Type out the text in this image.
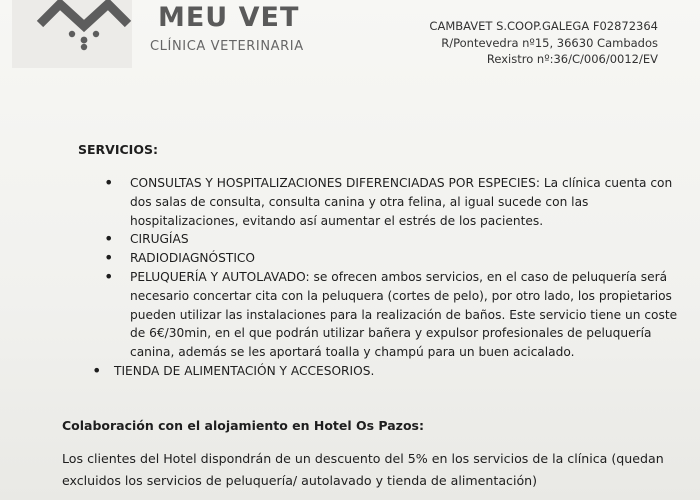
MEU VET
CLÍNICA VETERINARIA
CAMBAVET S.COOP.GALEGA F02872364
R/Pontevedra nº15, 36630 Cambados
Rexistro nº:36/C/006/0012/EV
SERVICIOS:
• CONSULTAS Y HOSPITALIZACIONES DIFERENCIADAS POR ESPECIES: La clínica cuenta con dos salas de consulta, consulta canina y otra felina, al igual sucede con las hospitalizaciones, evitando así aumentar el estrés de los pacientes.
• CIRUGÍAS
• RADIODIAGNÓSTICO
• PELUQUERÍA Y AUTOLAVADO: se ofrecen ambos servicios, en el caso de peluquería será necesario concertar cita con la peluquera (cortes de pelo), por otro lado, los propietarios pueden utilizar las instalaciones para la realización de baños. Este servicio tiene un coste de 6€/30min, en el que podrán utilizar bañera y expulsor profesionales de peluquería canina, además se les aportará toalla y champú para un buen acicalado.
• TIENDA DE ALIMENTACIÓN Y ACCESORIOS.
Colaboración con el alojamiento en Hotel Os Pazos:
Los clientes del Hotel dispondrán de un descuento del 5% en los servicios de la clínica (quedan excluidos los servicios de peluquería/ autolavado y tienda de alimentación)
